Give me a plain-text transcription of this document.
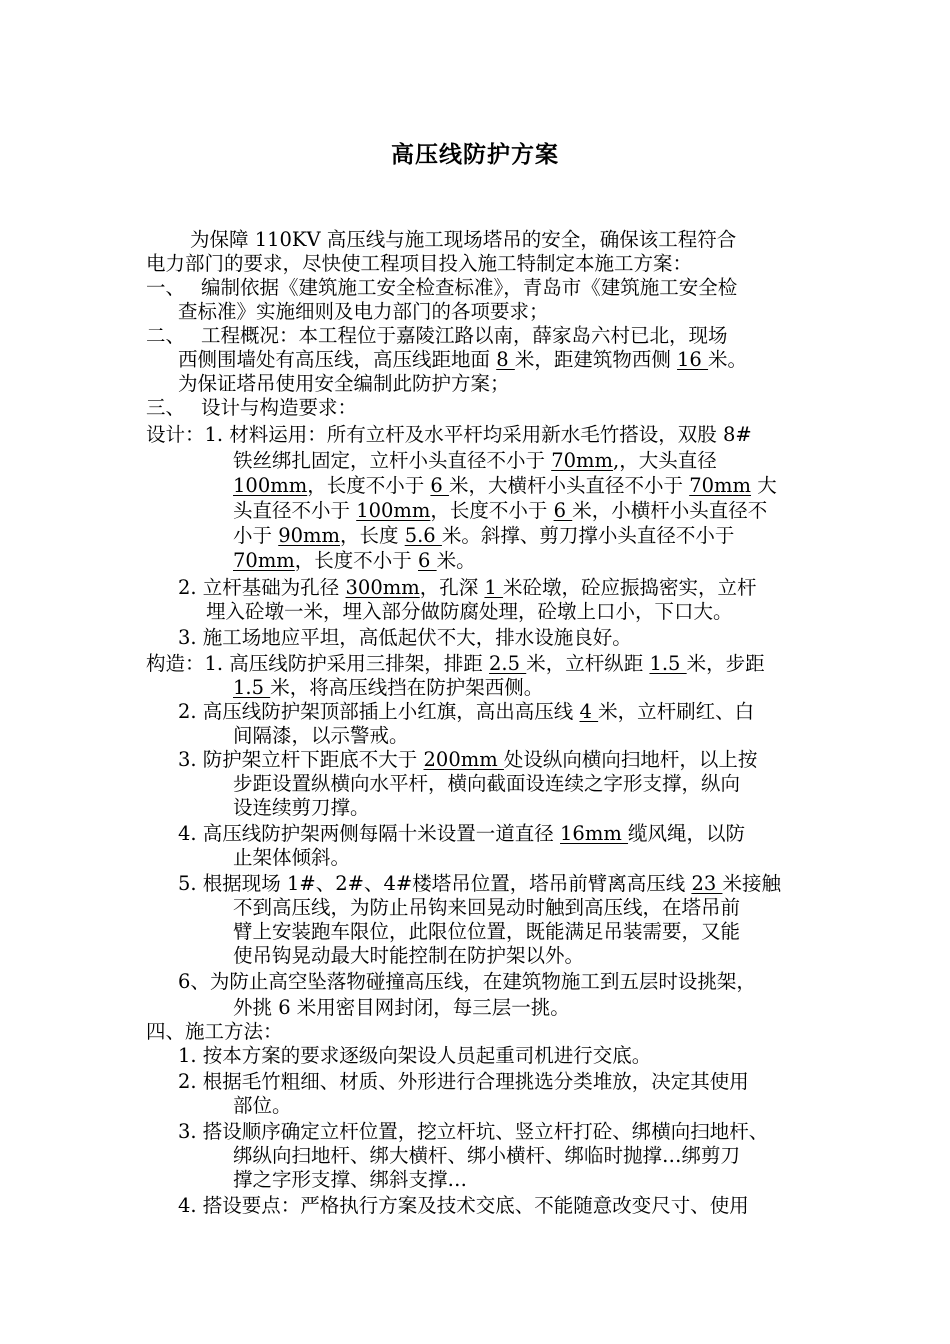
高压线防护方案
为保障 110KV 高压线与施工现场塔吊的安全，确保该工程符合
电力部门的要求，尽快使工程项目投入施工特制定本施工方案：
一、　 编制依据《建筑施工安全检查标准》，青岛市《建筑施工安全检
查标准》实施细则及电力部门的各项要求；
二、　 工程概况：本工程位于嘉陵江路以南，薛家岛六村已北，现场
西侧围墙处有高压线，高压线距地面 8 米，距建筑物西侧 16 米。
为保证塔吊使用安全编制此防护方案；
三、　 设计与构造要求：
设计：1. 材料运用：所有立杆及水平杆均采用新水毛竹搭设，双股 8#
铁丝绑扎固定，立杆小头直径不小于 70mm,，大头直径
100mm，长度不小于 6 米，大横杆小头直径不小于 70mm 大
头直径不小于 100mm，长度不小于 6 米，小横杆小头直径不
小于 90mm，长度 5.6 米。斜撑、剪刀撑小头直径不小于
70mm，长度不小于 6 米。
2. 立杆基础为孔径 300mm，孔深 1 米砼墩，砼应振捣密实，立杆
埋入砼墩一米，埋入部分做防腐处理，砼墩上口小，下口大。
3. 施工场地应平坦，高低起伏不大，排水设施良好。
构造：1. 高压线防护采用三排架，排距 2.5 米，立杆纵距 1.5 米，步距
1.5 米，将高压线挡在防护架西侧。
2. 高压线防护架顶部插上小红旗，高出高压线 4 米，立杆刷红、白
间隔漆，以示警戒。
3. 防护架立杆下距底不大于 200mm 处设纵向横向扫地杆，以上按
步距设置纵横向水平杆，横向截面设连续之字形支撑，纵向
设连续剪刀撑。
4. 高压线防护架两侧每隔十米设置一道直径 16mm 缆风绳，以防
止架体倾斜。
5. 根据现场 1#、2#、4#楼塔吊位置，塔吊前臂离高压线 23 米接触
不到高压线，为防止吊钩来回晃动时触到高压线，在塔吊前
臂上安装跑车限位，此限位位置，既能满足吊装需要，又能
使吊钩晃动最大时能控制在防护架以外。
6、为防止高空坠落物碰撞高压线，在建筑物施工到五层时设挑架，
外挑 6 米用密目网封闭，每三层一挑。
四、施工方法：
1. 按本方案的要求逐级向架设人员起重司机进行交底。
2. 根据毛竹粗细、材质、外形进行合理挑选分类堆放，决定其使用
部位。
3. 搭设顺序确定立杆位置，挖立杆坑、竖立杆打砼、绑横向扫地杆、
绑纵向扫地杆、绑大横杆、绑小横杆、绑临时抛撑…绑剪刀
撑之字形支撑、绑斜支撑…
4. 搭设要点：严格执行方案及技术交底、不能随意改变尺寸、使用
